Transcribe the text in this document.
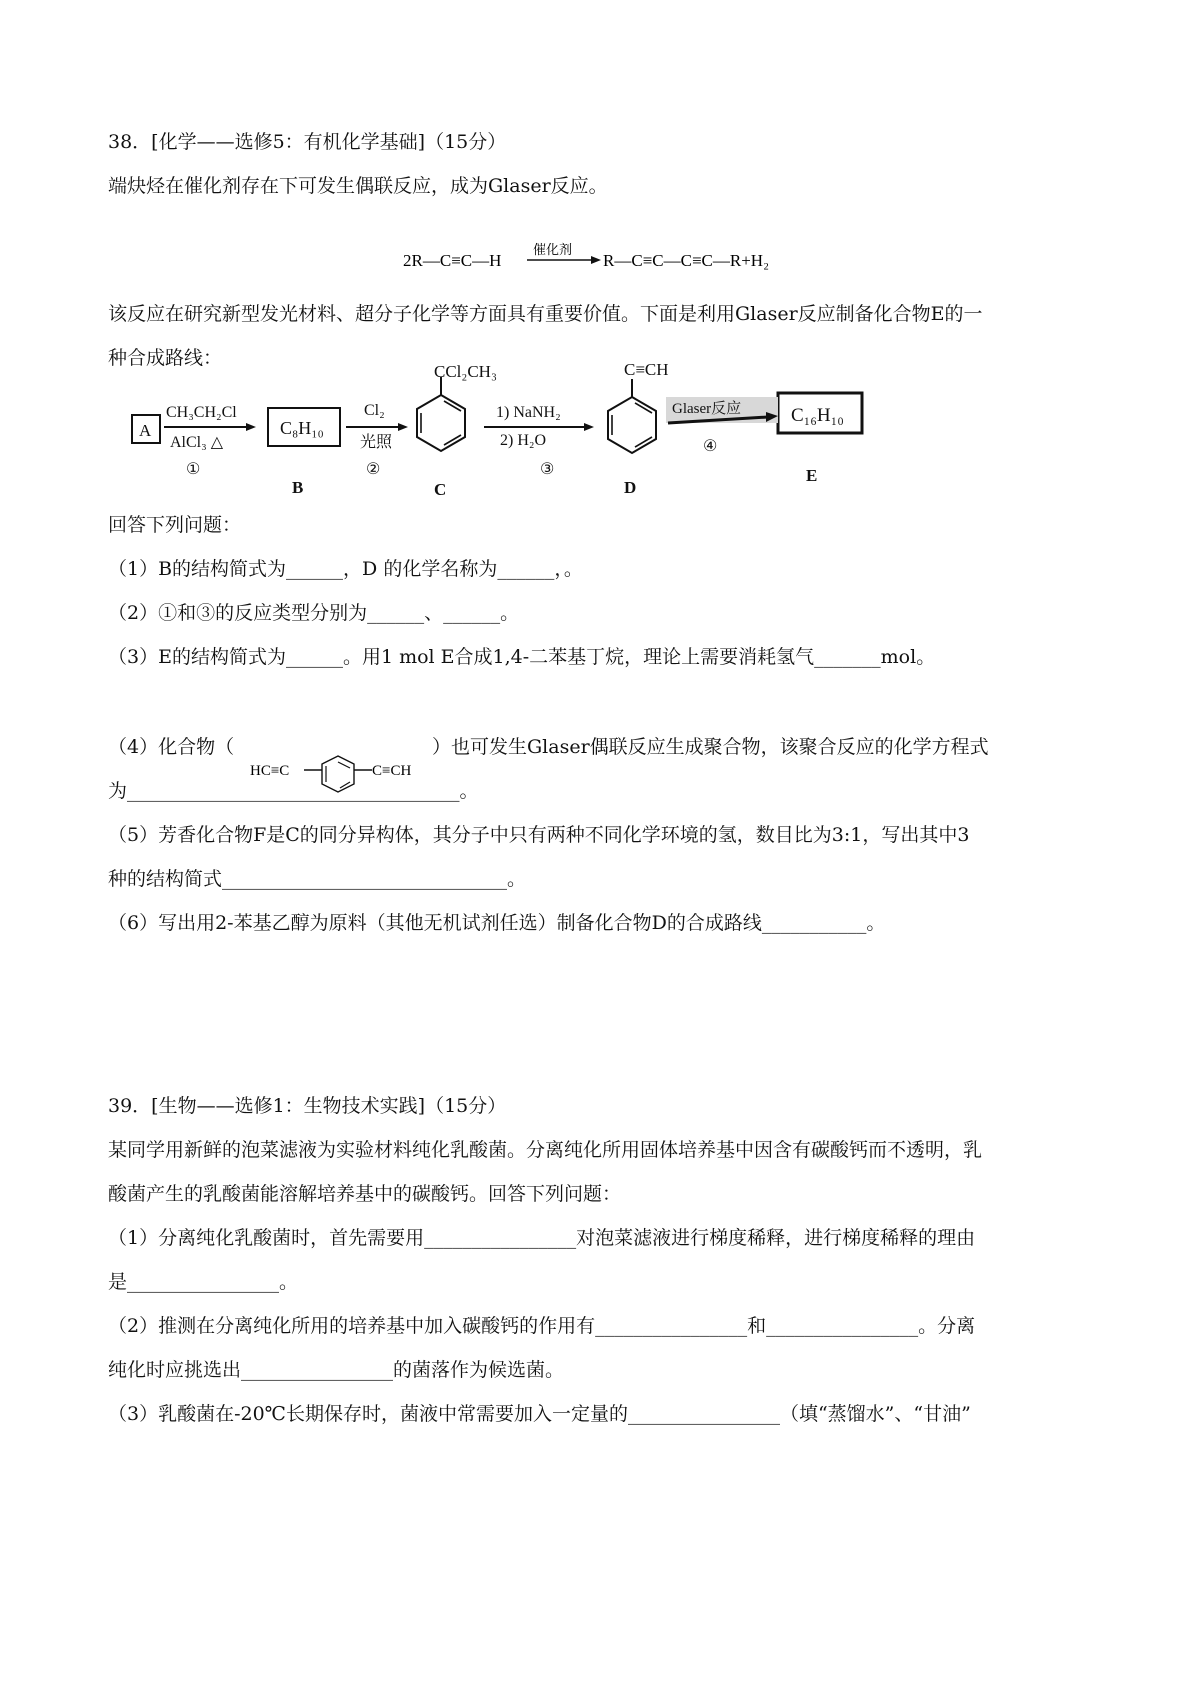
38．[化学——选修5：有机化学基础]（15分）
端炔烃在催化剂存在下可发生偶联反应，成为Glaser反应。
2R—C≡C—H
催化剂
R—C≡C—C≡C—R+H₂
该反应在研究新型发光材料、超分子化学等方面具有重要价值。下面是利用Glaser反应制备化合物E的一
种合成路线：
A
CH₃CH₂Cl
AlCl₃ △
①
C₈H₁₀
B
Cl₂
光照
②
CCl₂CH₃
C
1) NaNH₂
2) H₂O
③
C≡CH
D
Glaser反应
④
C₁₆H₁₀
E
回答下列问题：
（1）B的结构简式为______，D 的化学名称为______，。
（2）①和③的反应类型分别为______、______。
（3）E的结构简式为______。用1 mol E合成1,4-二苯基丁烷，理论上需要消耗氢气_______mol。
（4）化合物（
HC≡C	C≡CH
）也可发生Glaser偶联反应生成聚合物，该聚合反应的化学方程式
为___________________________________。
（5）芳香化合物F是C的同分异构体，其分子中只有两种不同化学环境的氢，数目比为3:1，写出其中3
种的结构简式______________________________。
（6）写出用2-苯基乙醇为原料（其他无机试剂任选）制备化合物D的合成路线___________。
39．[生物——选修1：生物技术实践]（15分）
某同学用新鲜的泡菜滤液为实验材料纯化乳酸菌。分离纯化所用固体培养基中因含有碳酸钙而不透明，乳
酸菌产生的乳酸菌能溶解培养基中的碳酸钙。回答下列问题：
（1）分离纯化乳酸菌时，首先需要用________________对泡菜滤液进行梯度稀释，进行梯度稀释的理由
是________________。
（2）推测在分离纯化所用的培养基中加入碳酸钙的作用有________________和________________。分离
纯化时应挑选出________________的菌落作为候选菌。
（3）乳酸菌在-20℃长期保存时，菌液中常需要加入一定量的________________（填“蒸馏水”、“甘油”
